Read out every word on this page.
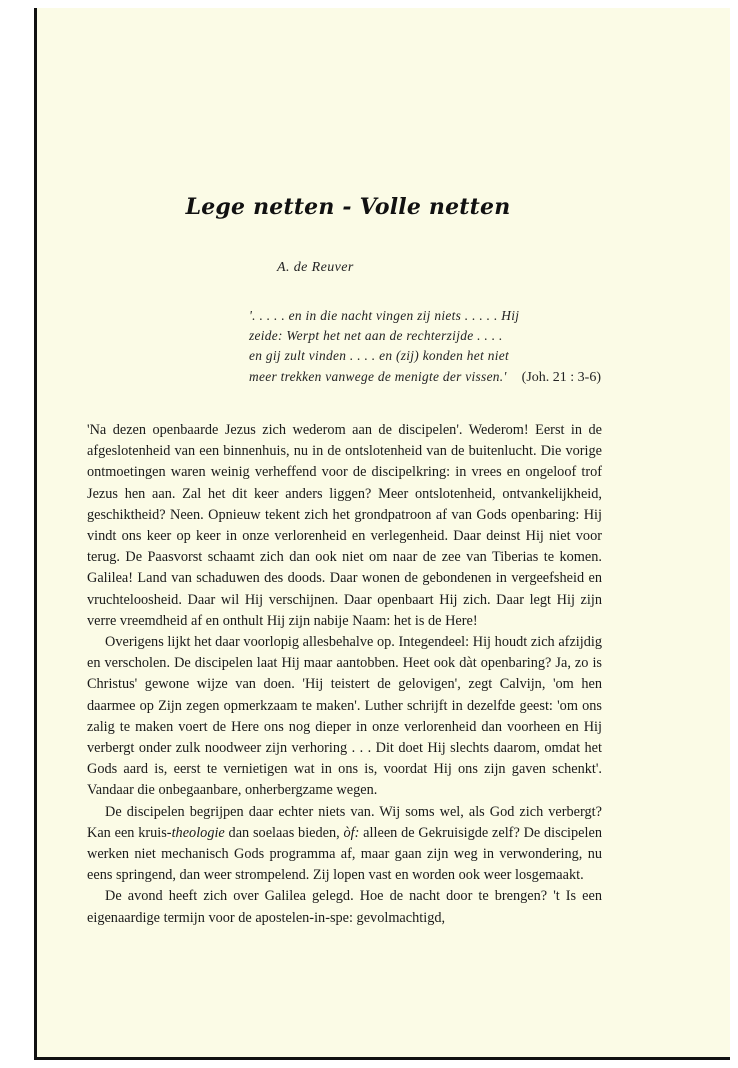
Lege netten - Volle netten
A. de Reuver

'. . . . . en in die nacht vingen zij niets . . . . . Hij

zeide: Werpt het net aan de rechterzijde . . . .

en gij zult vinden . . . . en (zij) konden het niet

meer trekken vanwege de menigte der vissen.'	(Joh. 21 : 3-6)

'Na dezen openbaarde Jezus zich wederom aan de discipelen'. Wederom! Eerst in de afgeslotenheid van een binnenhuis, nu in de ontslotenheid van de buitenlucht. Die vorige ontmoetingen waren weinig verheffend voor de discipelkring: in vrees en ongeloof trof Jezus hen aan. Zal het dit keer anders liggen? Meer ontslotenheid, ontvankelijkheid, geschiktheid? Neen. Opnieuw tekent zich het grondpatroon af van Gods openbaring: Hij vindt ons keer op keer in onze verlorenheid en verlegenheid. Daar deinst Hij niet voor terug. De Paasvorst schaamt zich dan ook niet om naar de zee van Tiberias te komen. Galilea! Land van schaduwen des doods. Daar wonen de gebondenen in vergeefsheid en vruchteloosheid. Daar wil Hij verschijnen. Daar openbaart Hij zich. Daar legt Hij zijn verre vreemdheid af en onthult Hij zijn nabije Naam: het is de Here!

Overigens lijkt het daar voorlopig allesbehalve op. Integendeel: Hij houdt zich afzijdig en verscholen. De discipelen laat Hij maar aantobben. Heet ook dàt openbaring? Ja, zo is Christus' gewone wijze van doen. 'Hij teistert de gelovigen', zegt Calvijn, 'om hen daarmee op Zijn zegen opmerkzaam te maken'. Luther schrijft in dezelfde geest: 'om ons zalig te maken voert de Here ons nog dieper in onze verlorenheid dan voorheen en Hij verbergt onder zulk noodweer zijn verhoring . . . Dit doet Hij slechts daarom, omdat het Gods aard is, eerst te vernietigen wat in ons is, voordat Hij ons zijn gaven schenkt'. Vandaar die onbegaanbare, onherbergzame wegen.

De discipelen begrijpen daar echter niets van. Wij soms wel, als God zich verbergt? Kan een kruis-theologie dan soelaas bieden, òf: alleen de Gekruisigde zelf? De discipelen werken niet mechanisch Gods programma af, maar gaan zijn weg in verwondering, nu eens springend, dan weer strompelend. Zij lopen vast en worden ook weer losgemaakt.

De avond heeft zich over Galilea gelegd. Hoe de nacht door te brengen? 't Is een eigenaardige termijn voor de apostelen-in-spe: gevolmachtigd,
